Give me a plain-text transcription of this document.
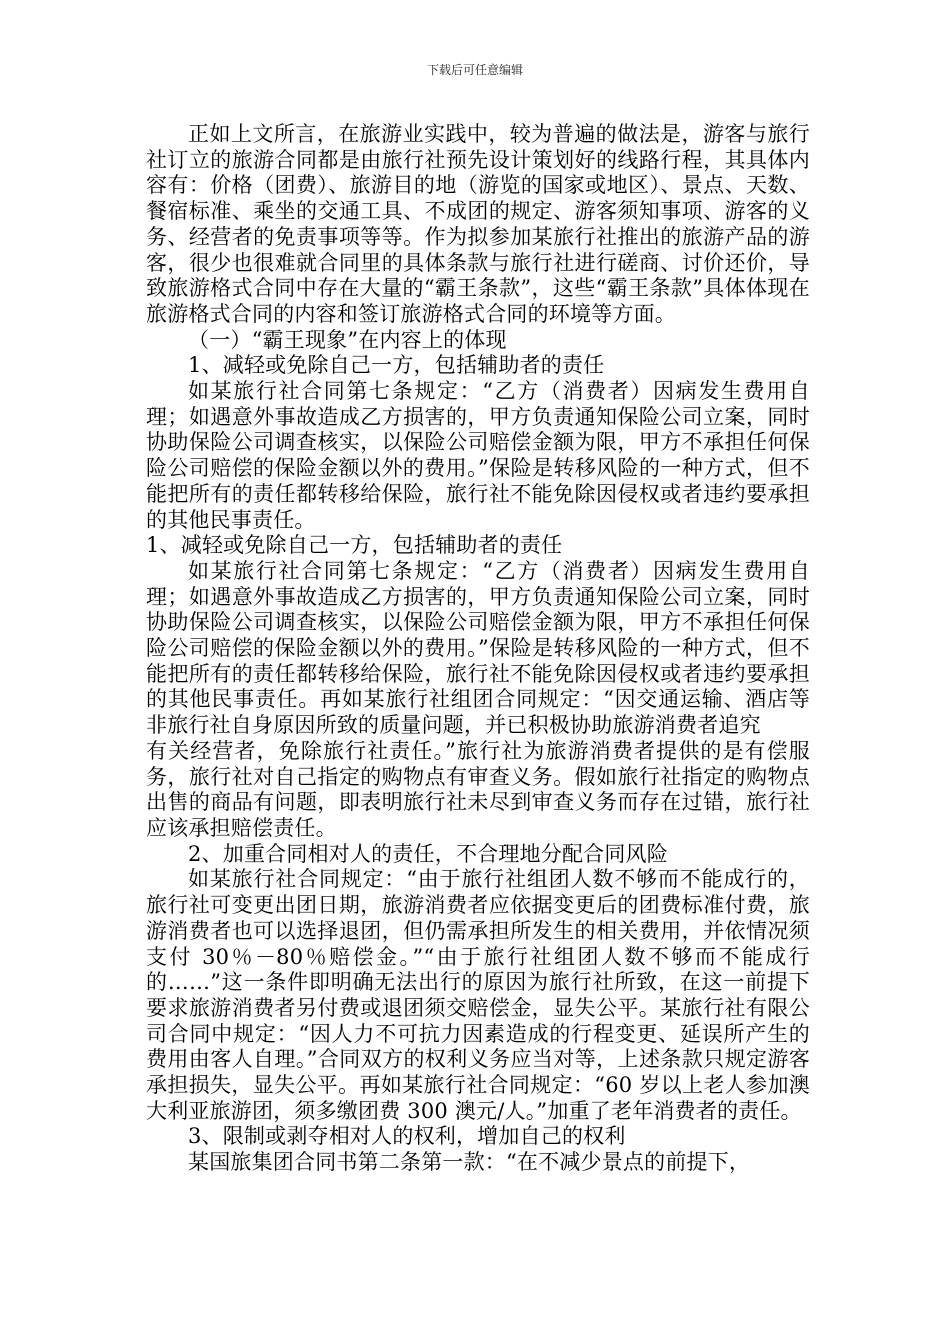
下载后可任意编辑

正如上文所言，在旅游业实践中，较为普遍的做法是，游客与旅行社订立的旅游合同都是由旅行社预先设计策划好的线路行程，其具体内容有：价格（团费）、旅游目的地（游览的国家或地区）、景点、天数、餐宿标准、乘坐的交通工具、不成团的规定、游客须知事项、游客的义务、经营者的免责事项等等。作为拟参加某旅行社推出的旅游产品的游客，很少也很难就合同里的具体条款与旅行社进行磋商、讨价还价，导致旅游格式合同中存在大量的“霸王条款”，这些“霸王条款”具体体现在旅游格式合同的内容和签订旅游格式合同的环境等方面。

（一）“霸王现象”在内容上的体现

1、减轻或免除自己一方，包括辅助者的责任

如某旅行社合同第七条规定：“乙方（消费者）因病发生费用自理；如遇意外事故造成乙方损害的，甲方负责通知保险公司立案，同时协助保险公司调查核实，以保险公司赔偿金额为限，甲方不承担任何保险公司赔偿的保险金额以外的费用。”保险是转移风险的一种方式，但不能把所有的责任都转移给保险，旅行社不能免除因侵权或者违约要承担的其他民事责任。

1、减轻或免除自己一方，包括辅助者的责任

如某旅行社合同第七条规定：“乙方（消费者）因病发生费用自理；如遇意外事故造成乙方损害的，甲方负责通知保险公司立案，同时协助保险公司调查核实，以保险公司赔偿金额为限，甲方不承担任何保险公司赔偿的保险金额以外的费用。”保险是转移风险的一种方式，但不能把所有的责任都转移给保险，旅行社不能免除因侵权或者违约要承担的其他民事责任。再如某旅行社组团合同规定：“因交通运输、酒店等非旅行社自身原因所致的质量问题，并已积极协助旅游消费者追究

有关经营者，免除旅行社责任。”旅行社为旅游消费者提供的是有偿服务，旅行社对自己指定的购物点有审查义务。假如旅行社指定的购物点出售的商品有问题，即表明旅行社未尽到审查义务而存在过错，旅行社应该承担赔偿责任。

2、加重合同相对人的责任，不合理地分配合同风险

如某旅行社合同规定：“由于旅行社组团人数不够而不能成行的，旅行社可变更出团日期，旅游消费者应依据变更后的团费标准付费，旅游消费者也可以选择退团，但仍需承担所发生的相关费用，并依情况须支付 30％－80％赔偿金。”“由于旅行社组团人数不够而不能成行的……”这一条件即明确无法出行的原因为旅行社所致，在这一前提下要求旅游消费者另付费或退团须交赔偿金，显失公平。某旅行社有限公司合同中规定：“因人力不可抗力因素造成的行程变更、延误所产生的费用由客人自理。”合同双方的权利义务应当对等，上述条款只规定游客承担损失，显失公平。再如某旅行社合同规定：“60 岁以上老人参加澳大利亚旅游团，须多缴团费 300 澳元/人。”加重了老年消费者的责任。

3、限制或剥夺相对人的权利，增加自己的权利

某国旅集团合同书第二条第一款：“在不减少景点的前提下，
